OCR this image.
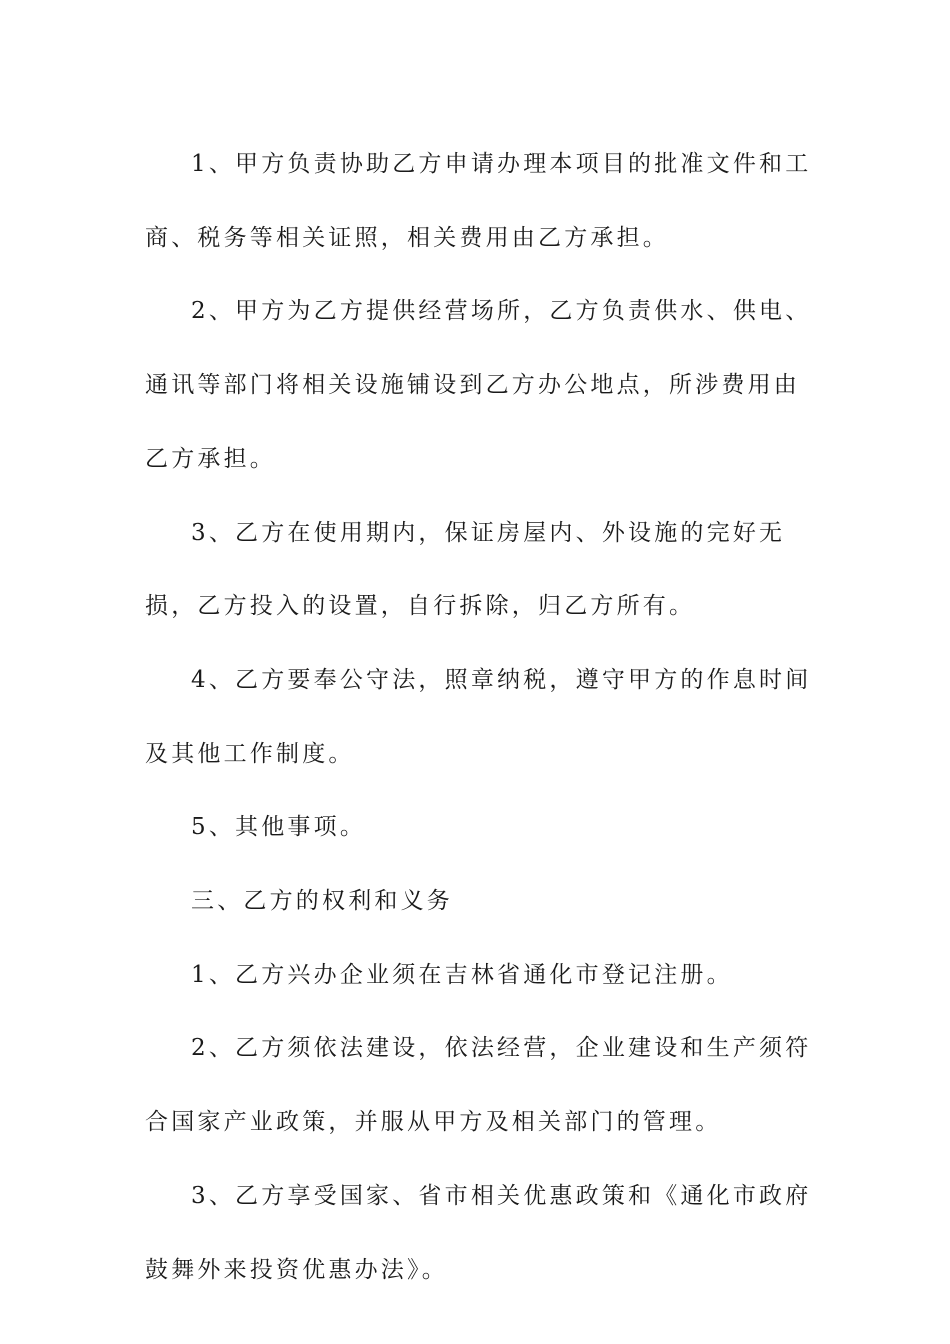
1、甲方负责协助乙方申请办理本项目的批准文件和工商、税务等相关证照，相关费用由乙方承担。

2、甲方为乙方提供经营场所，乙方负责供水、供电、通讯等部门将相关设施铺设到乙方办公地点，所涉费用由乙方承担。

3、乙方在使用期内，保证房屋内、外设施的完好无损，乙方投入的设置，自行拆除，归乙方所有。

4、乙方要奉公守法，照章纳税，遵守甲方的作息时间及其他工作制度。

5、其他事项。

三、乙方的权利和义务

1、乙方兴办企业须在吉林省通化市登记注册。

2、乙方须依法建设，依法经营，企业建设和生产须符合国家产业政策，并服从甲方及相关部门的管理。

3、乙方享受国家、省市相关优惠政策和《通化市政府鼓舞外来投资优惠办法》。
